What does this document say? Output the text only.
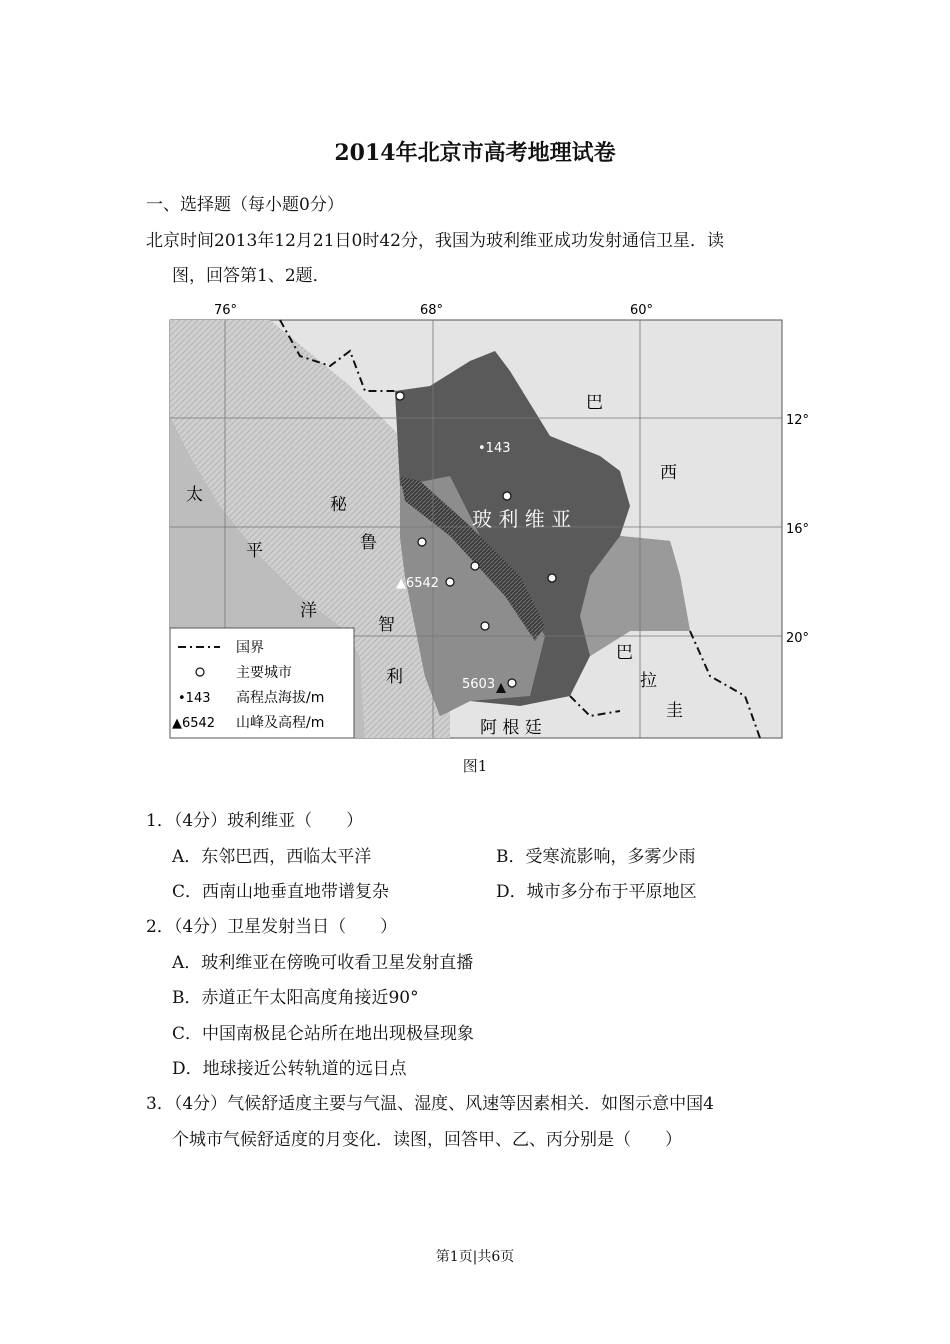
2014年北京市高考地理试卷
一、选择题（每小题0分）
北京时间2013年12月21日0时42分，我国为玻利维亚成功发射通信卫星．读
图，回答第1、2题．
76°	68°	60°
12°
16°
20°
玻 利 维 亚
巴
西
秘
鲁
太
平
洋
智
利
巴
拉
圭
阿 根 廷
•143
▲6542
5603
国界
主要城市
•143 高程点海拔/m
▲6542 山峰及高程/m
图1
1．（4分）玻利维亚（　　）
A．东邻巴西，西临太平洋	B．受寒流影响，多雾少雨
C．西南山地垂直地带谱复杂	D．城市多分布于平原地区
2．（4分）卫星发射当日（　　）
A．玻利维亚在傍晚可收看卫星发射直播
B．赤道正午太阳高度角接近90°
C．中国南极昆仑站所在地出现极昼现象
D．地球接近公转轨道的远日点
3．（4分）气候舒适度主要与气温、湿度、风速等因素相关．如图示意中国4
个城市气候舒适度的月变化．读图，回答甲、乙、丙分别是（　　）
第1页|共6页
